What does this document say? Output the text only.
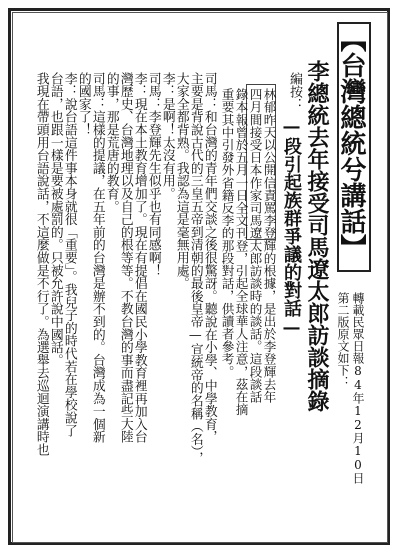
【台灣總統兮講話】
轉載民眾日報84年12月10日
第二版原文如下：
李總統去年接受司馬遼太郎訪談摘錄
—段引起族群爭議的對話—
編按：
林郁昨天以公開信責罵李登輝的根據，是出於李登輝去年
四月間接受日本作家司馬遼太郎訪談時的談話。這段談話
錄本報曾於五月一日全文刊登，引起全球華人注意，茲在摘
重要其中引發外省籍反李的那段對話，供讀者參考。
司馬：和台灣的青年們交談之後很驚訝。聽說在小學、中學教育，
主要是背說古代的三皇五帝到清朝的最後皇帝—宣統帝的名稱（名），
大家全都背熟。我認為這是毫無用處。
李：是啊！太沒有用。
司馬：李登輝先生似乎也有同感啊！
李：現在本土教育增加了。現在有提倡在國民小學教育裡再加入台
灣歷史、台灣地理以及自己的根等等。不教台灣的事而盡記些大陸
的事，那是荒唐的教育。
司馬：這樣的提議，在五年前的台灣是辦不到的。台灣成為一個新
的國家了！
李：說台語這件事本身就很「重要」。我兒子的時代若在學校說了
台語，也跟一樣是要被處罰的。只被允許說中國話。
我現在帶頭用台語說話，不這麼做是不行了。為選舉去巡迴演講時也
